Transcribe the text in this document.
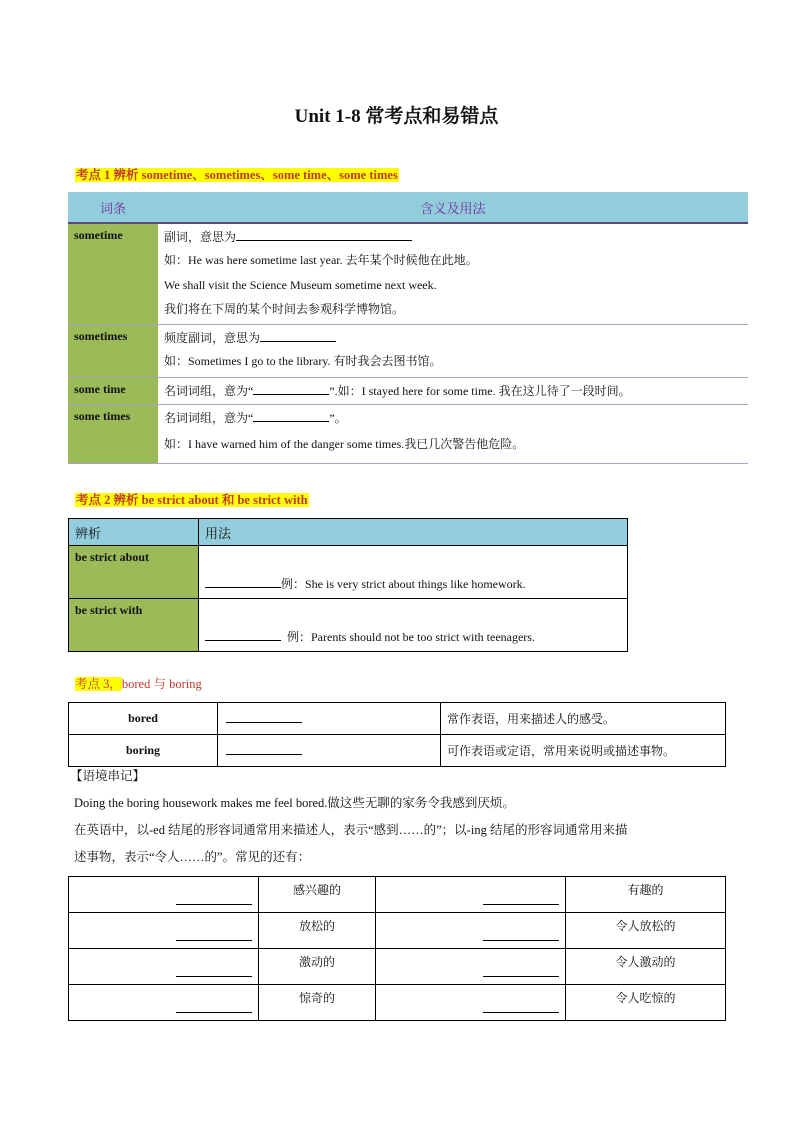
Unit 1-8 常考点和易错点
考点 1 辨析 sometime、sometimes、some time、some times
词条	含义及用法
sometime	副词，意思为
如：He was here sometime last year. 去年某个时候他在此地。
We shall visit the Science Museum sometime next week.
我们将在下周的某个时间去参观科学博物馆。

sometimes	频度副词，意思为
如：Sometimes I go to the library. 有时我会去图书馆。

some time	名词词组，意为“ ”.如：I stayed here for some time. 我在这儿待了一段时间。

some times	名词词组，意为“ ”。
如：I have warned him of the danger some times.我已几次警告他危险。
考点 2 辨析 be strict about 和 be strict with
辨析	用法
be strict about	例：She is very strict about things like homework.
be strict with	例：Parents should not be too strict with teenagers.
考点 3，bored 与 boring
bored		常作表语，用来描述人的感受。
boring		可作表语或定语，常用来说明或描述事物。
【语境串记】
Doing the boring housework makes me feel bored.做这些无聊的家务令我感到厌烦。
在英语中，以-ed 结尾的形容词通常用来描述人，表示“感到……的”；以-ing 结尾的形容词通常用来描
述事物，表示“令人……的”。常见的还有：
	感兴趣的		有趣的
	放松的		令人放松的
	激动的		令人激动的
	惊奇的		令人吃惊的
